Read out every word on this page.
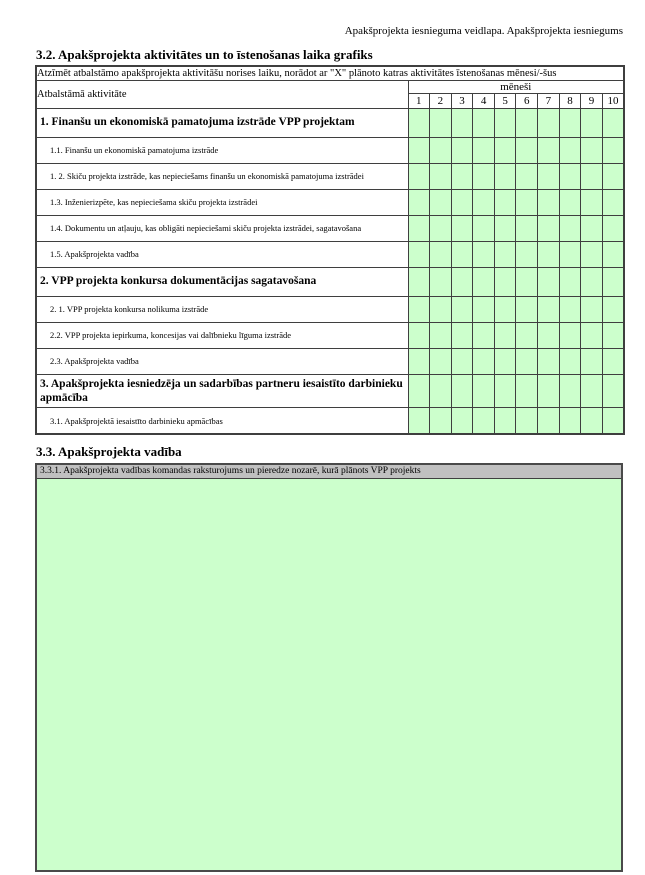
Apakšprojekta iesnieguma veidlapa. Apakšprojekta iesniegums
3.2. Apakšprojekta aktivitātes un to īstenošanas laika grafiks
Atzīmēt atbalstāmo apakšprojekta aktivitāšu norises laiku, norādot ar "X" plānoto katras aktivitātes īstenošanas mēnesi/-šus										
Atbalstāmā aktivitāte	mēneši									
	1	2	3	4	5	6	7	8	9	10
1. Finanšu un ekonomiskā pamatojuma izstrāde VPP projektam										
1.1. Finanšu un ekonomiskā pamatojuma izstrāde										
1. 2. Skiču projekta izstrāde, kas nepieciešams finanšu un ekonomiskā pamatojuma izstrādei										
1.3. Inženierizpēte, kas nepieciešama skiču projekta izstrādei										
1.4. Dokumentu un atļauju, kas obligāti nepieciešami skiču projekta izstrādei, sagatavošana										
1.5. Apakšprojekta vadība										
2. VPP projekta konkursa dokumentācijas sagatavošana										
2. 1. VPP projekta konkursa nolikuma izstrāde										
2.2. VPP projekta iepirkuma, koncesijas vai dalībnieku līguma izstrāde										
2.3. Apakšprojekta vadība										
3. Apakšprojekta iesniedzēja un sadarbības partneru iesaistīto darbinieku apmācība										
3.1. Apakšprojektā iesaistīto darbinieku apmācības										
3.3. Apakšprojekta vadība
3.3.1. Apakšprojekta vadības komandas raksturojums un pieredze nozarē, kurā plānots VPP projekts
